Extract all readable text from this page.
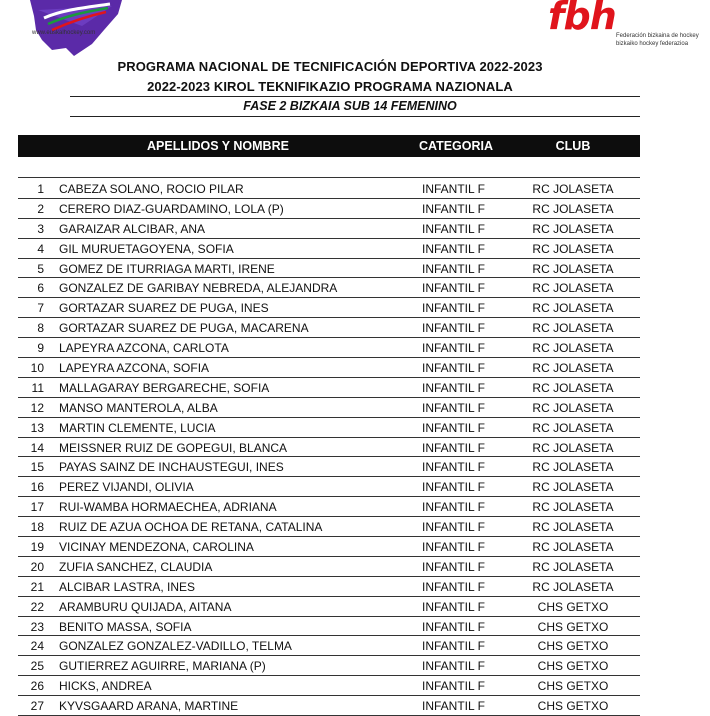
www.euskalhockey.com	fbh Federación bizkaina de hockey
bizkaiko hockey federazioa
PROGRAMA NACIONAL DE TECNIFICACIÓN DEPORTIVA 2022-2023
2022-2023 KIROL TEKNIFIKAZIO PROGRAMA NAZIONALA
FASE 2 BIZKAIA SUB 14 FEMENINO
APELLIDOS Y NOMBRE	CATEGORIA	CLUB
1 CABEZA SOLANO, ROCIO PILAR	INFANTIL F	RC JOLASETA
2 CERERO DIAZ-GUARDAMINO, LOLA (P)	INFANTIL F	RC JOLASETA
3 GARAIZAR ALCIBAR, ANA	INFANTIL F	RC JOLASETA
4 GIL MURUETAGOYENA, SOFIA	INFANTIL F	RC JOLASETA
5 GOMEZ DE ITURRIAGA MARTI, IRENE	INFANTIL F	RC JOLASETA
6 GONZALEZ DE GARIBAY NEBREDA, ALEJANDRA	INFANTIL F	RC JOLASETA
7 GORTAZAR SUAREZ DE PUGA, INES	INFANTIL F	RC JOLASETA
8 GORTAZAR SUAREZ DE PUGA, MACARENA	INFANTIL F	RC JOLASETA
9 LAPEYRA AZCONA, CARLOTA	INFANTIL F	RC JOLASETA
10 LAPEYRA AZCONA, SOFIA	INFANTIL F	RC JOLASETA
11 MALLAGARAY BERGARECHE, SOFIA	INFANTIL F	RC JOLASETA
12 MANSO MANTEROLA, ALBA	INFANTIL F	RC JOLASETA
13 MARTIN CLEMENTE, LUCIA	INFANTIL F	RC JOLASETA
14 MEISSNER RUIZ DE GOPEGUI, BLANCA	INFANTIL F	RC JOLASETA
15 PAYAS SAINZ DE INCHAUSTEGUI, INES	INFANTIL F	RC JOLASETA
16 PEREZ VIJANDI, OLIVIA	INFANTIL F	RC JOLASETA
17 RUI-WAMBA HORMAECHEA, ADRIANA	INFANTIL F	RC JOLASETA
18 RUIZ DE AZUA OCHOA DE RETANA, CATALINA	INFANTIL F	RC JOLASETA
19 VICINAY MENDEZONA, CAROLINA	INFANTIL F	RC JOLASETA
20 ZUFIA SANCHEZ, CLAUDIA	INFANTIL F	RC JOLASETA
21 ALCIBAR LASTRA, INES	INFANTIL F	RC JOLASETA
22 ARAMBURU QUIJADA, AITANA	INFANTIL F	CHS GETXO
23 BENITO MASSA, SOFIA	INFANTIL F	CHS GETXO
24 GONZALEZ GONZALEZ-VADILLO, TELMA	INFANTIL F	CHS GETXO
25 GUTIERREZ AGUIRRE, MARIANA (P)	INFANTIL F	CHS GETXO
26 HICKS, ANDREA	INFANTIL F	CHS GETXO
27 KYVSGAARD ARANA, MARTINE	INFANTIL F	CHS GETXO
